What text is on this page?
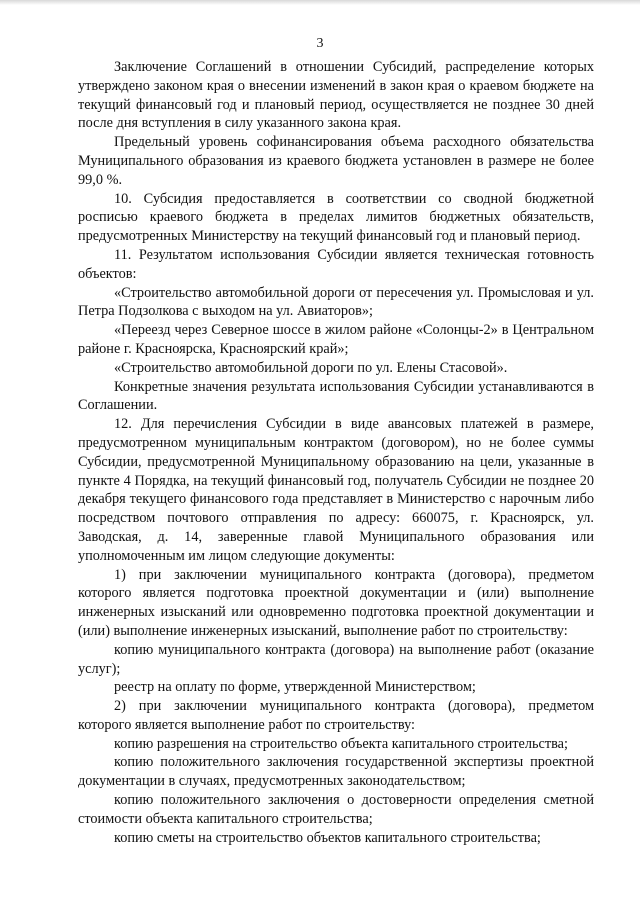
3

Заключение Соглашений в отношении Субсидий, распределение которых утверждено законом края о внесении изменений в закон края о краевом бюджете на текущий финансовый год и плановый период, осуществляется не позднее 30 дней после дня вступления в силу указанного закона края.

Предельный уровень софинансирования объема расходного обязательства Муниципального образования из краевого бюджета установлен в размере не более 99,0 %.

10. Субсидия предоставляется в соответствии со сводной бюджетной росписью краевого бюджета в пределах лимитов бюджетных обязательств, предусмотренных Министерству на текущий финансовый год и плановый период.

11. Результатом использования Субсидии является техническая готовность объектов:

«Строительство автомобильной дороги от пересечения ул. Промысловая и ул. Петра Подзолкова с выходом на ул. Авиаторов»;

«Переезд через Северное шоссе в жилом районе «Солонцы-2» в Центральном районе г. Красноярска, Красноярский край»;

«Строительство автомобильной дороги по ул. Елены Стасовой».

Конкретные значения результата использования Субсидии устанавливаются в Соглашении.

12. Для перечисления Субсидии в виде авансовых платежей в размере, предусмотренном муниципальным контрактом (договором), но не более суммы Субсидии, предусмотренной Муниципальному образованию на цели, указанные в пункте 4 Порядка, на текущий финансовый год, получатель Субсидии не позднее 20 декабря текущего финансового года представляет в Министерство с нарочным либо посредством почтового отправления по адресу: 660075, г. Красноярск, ул. Заводская, д. 14, заверенные главой Муниципального образования или уполномоченным им лицом следующие документы:

1) при заключении муниципального контракта (договора), предметом которого является подготовка проектной документации и (или) выполнение инженерных изысканий или одновременно подготовка проектной документации и (или) выполнение инженерных изысканий, выполнение работ по строительству:

копию муниципального контракта (договора) на выполнение работ (оказание услуг);

реестр на оплату по форме, утвержденной Министерством;

2) при заключении муниципального контракта (договора), предметом которого является выполнение работ по строительству:

копию разрешения на строительство объекта капитального строительства;

копию положительного заключения государственной экспертизы проектной документации в случаях, предусмотренных законодательством;

копию положительного заключения о достоверности определения сметной стоимости объекта капитального строительства;

копию сметы на строительство объектов капитального строительства;
